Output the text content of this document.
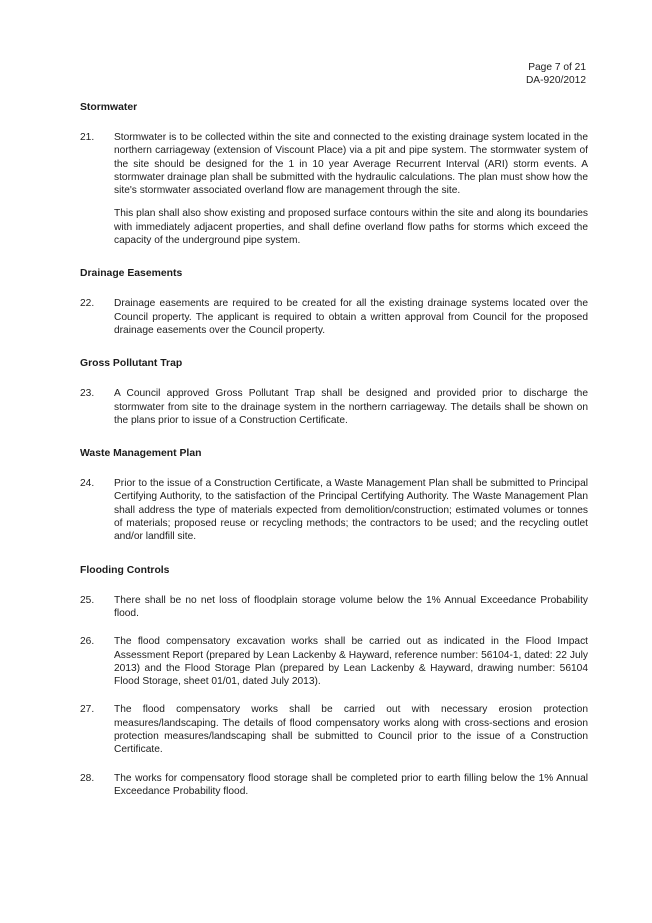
Page 7 of 21
DA-920/2012
Stormwater
21. Stormwater is to be collected within the site and connected to the existing drainage system located in the northern carriageway (extension of Viscount Place) via a pit and pipe system. The stormwater system of the site should be designed for the 1 in 10 year Average Recurrent Interval (ARI) storm events. A stormwater drainage plan shall be submitted with the hydraulic calculations. The plan must show how the site's stormwater associated overland flow are management through the site.

This plan shall also show existing and proposed surface contours within the site and along its boundaries with immediately adjacent properties, and shall define overland flow paths for storms which exceed the capacity of the underground pipe system.

Drainage Easements
22. Drainage easements are required to be created for all the existing drainage systems located over the Council property. The applicant is required to obtain a written approval from Council for the proposed drainage easements over the Council property.

Gross Pollutant Trap
23. A Council approved Gross Pollutant Trap shall be designed and provided prior to discharge the stormwater from site to the drainage system in the northern carriageway. The details shall be shown on the plans prior to issue of a Construction Certificate.

Waste Management Plan
24. Prior to the issue of a Construction Certificate, a Waste Management Plan shall be submitted to Principal Certifying Authority, to the satisfaction of the Principal Certifying Authority. The Waste Management Plan shall address the type of materials expected from demolition/construction; estimated volumes or tonnes of materials; proposed reuse or recycling methods; the contractors to be used; and the recycling outlet and/or landfill site.

Flooding Controls
25. There shall be no net loss of floodplain storage volume below the 1% Annual Exceedance Probability flood.

26. The flood compensatory excavation works shall be carried out as indicated in the Flood Impact Assessment Report (prepared by Lean Lackenby & Hayward, reference number: 56104-1, dated: 22 July 2013) and the Flood Storage Plan (prepared by Lean Lackenby & Hayward, drawing number: 56104 Flood Storage, sheet 01/01, dated July 2013).

27. The flood compensatory works shall be carried out with necessary erosion protection measures/landscaping. The details of flood compensatory works along with cross-sections and erosion protection measures/landscaping shall be submitted to Council prior to the issue of a Construction Certificate.

28. The works for compensatory flood storage shall be completed prior to earth filling below the 1% Annual Exceedance Probability flood.
